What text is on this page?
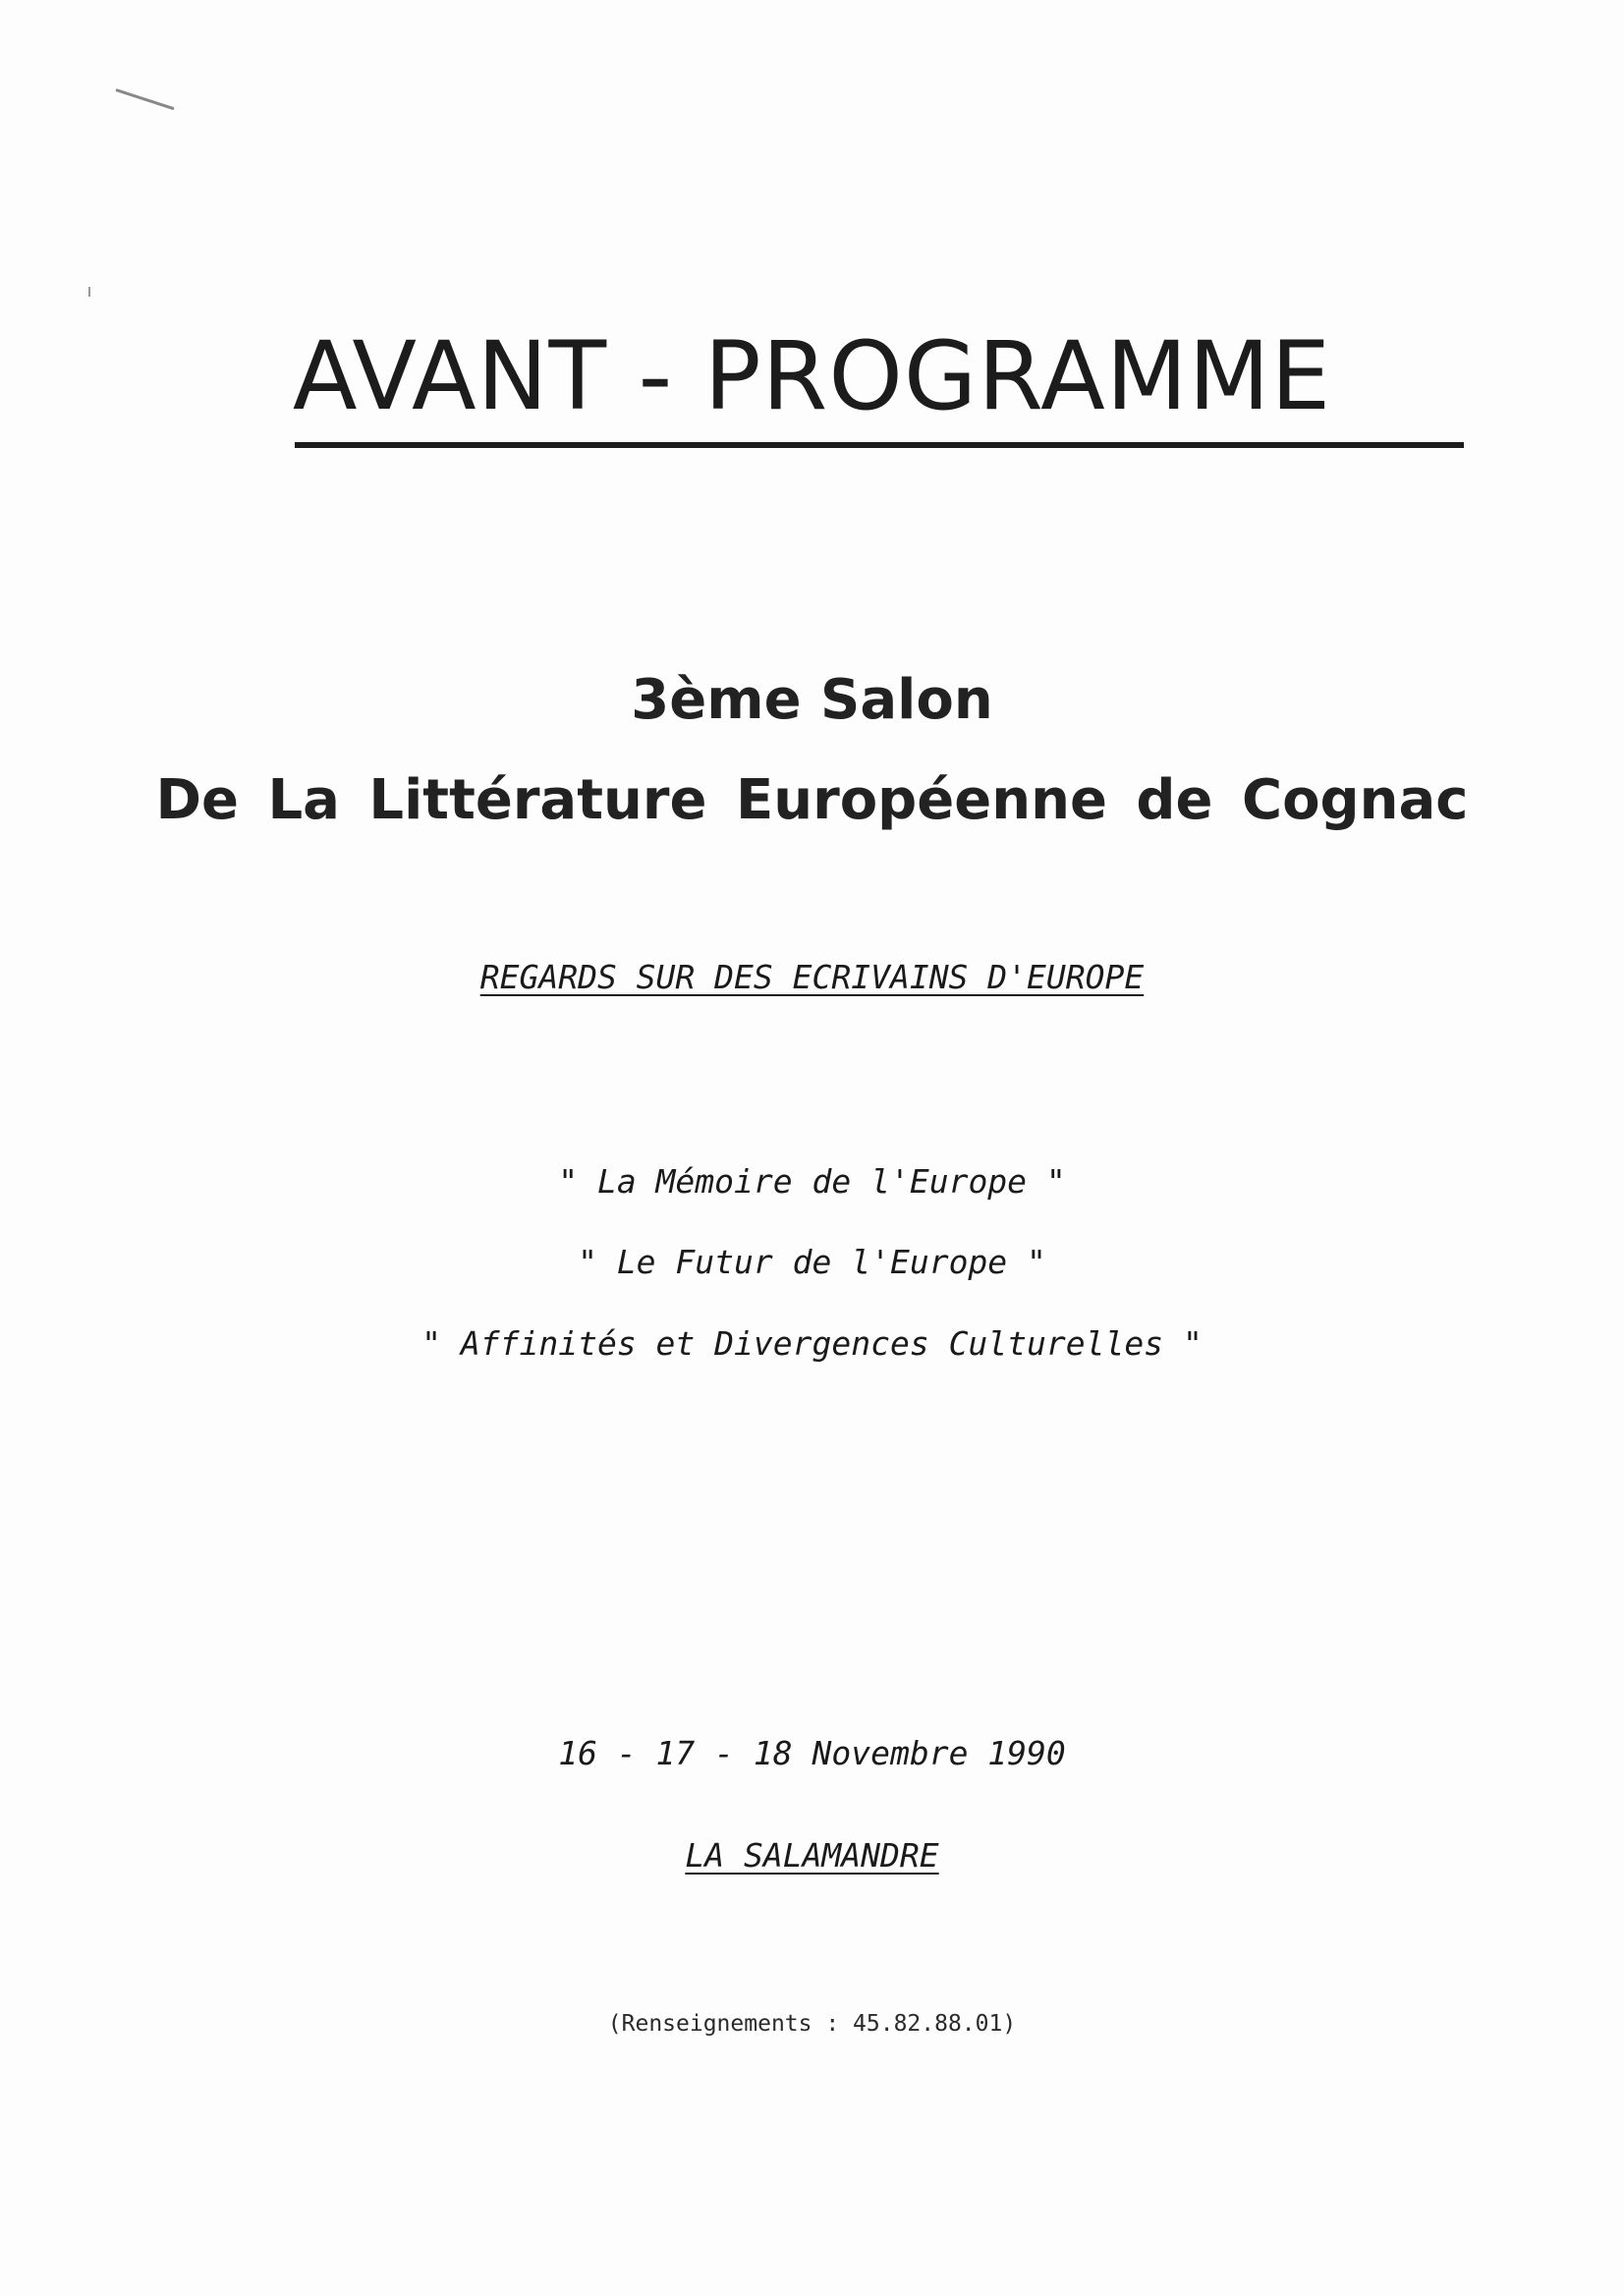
AVANT - PROGRAMME
3ème Salon
De La Littérature Européenne de Cognac
REGARDS SUR DES ECRIVAINS D'EUROPE
" La Mémoire de l'Europe "
" Le Futur de l'Europe "
" Affinités et Divergences Culturelles "
16 - 17 - 18 Novembre 1990
LA SALAMANDRE
(Renseignements : 45.82.88.01)
